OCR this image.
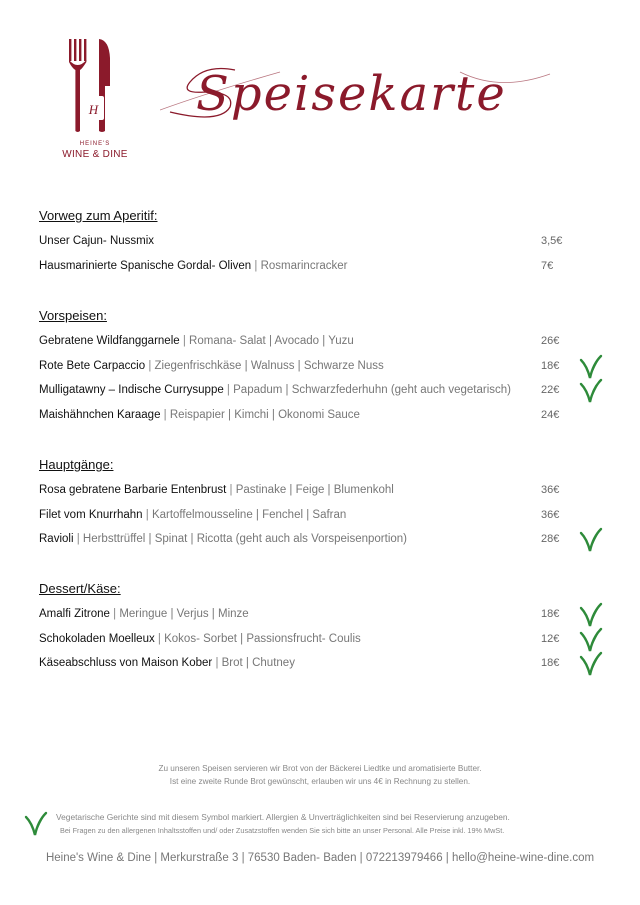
H
HEINE'S
WINE & DINE
Speisekarte
Vorweg zum Aperitif:
Unser Cajun- Nussmix	3,5€
Hausmarinierte Spanische Gordal- Oliven | Rosmarincracker	7€
Vorspeisen:
Gebratene Wildfanggarnele | Romana- Salat | Avocado | Yuzu	26€
Rote Bete Carpaccio | Ziegenfrischkäse | Walnuss | Schwarze Nuss	18€
Mulligatawny – Indische Currysuppe | Papadum | Schwarzfederhuhn (geht auch vegetarisch)	22€
Maishähnchen Karaage | Reispapier | Kimchi | Okonomi Sauce	24€
Hauptgänge:
Rosa gebratene Barbarie Entenbrust | Pastinake | Feige | Blumenkohl	36€
Filet vom Knurrhahn | Kartoffelmousseline | Fenchel | Safran	36€
Ravioli | Herbsttrüffel | Spinat | Ricotta (geht auch als Vorspeisenportion)	28€
Dessert/Käse:
Amalfi Zitrone | Meringue | Verjus | Minze	18€
Schokoladen Moelleux | Kokos- Sorbet | Passionsfrucht- Coulis	12€
Käseabschluss von Maison Kober | Brot | Chutney	18€
Zu unseren Speisen servieren wir Brot von der Bäckerei Liedtke und aromatisierte Butter.
Ist eine zweite Runde Brot gewünscht, erlauben wir uns 4€ in Rechnung zu stellen.
Vegetarische Gerichte sind mit diesem Symbol markiert. Allergien & Unverträglichkeiten sind bei Reservierung anzugeben.
Bei Fragen zu den allergenen Inhaltsstoffen und/ oder Zusatzstoffen wenden Sie sich bitte an unser Personal. Alle Preise inkl. 19% MwSt.
Heine's Wine & Dine | Merkurstraße 3 | 76530 Baden- Baden | 07221397946​6 | hello@heine-wine-dine.com
